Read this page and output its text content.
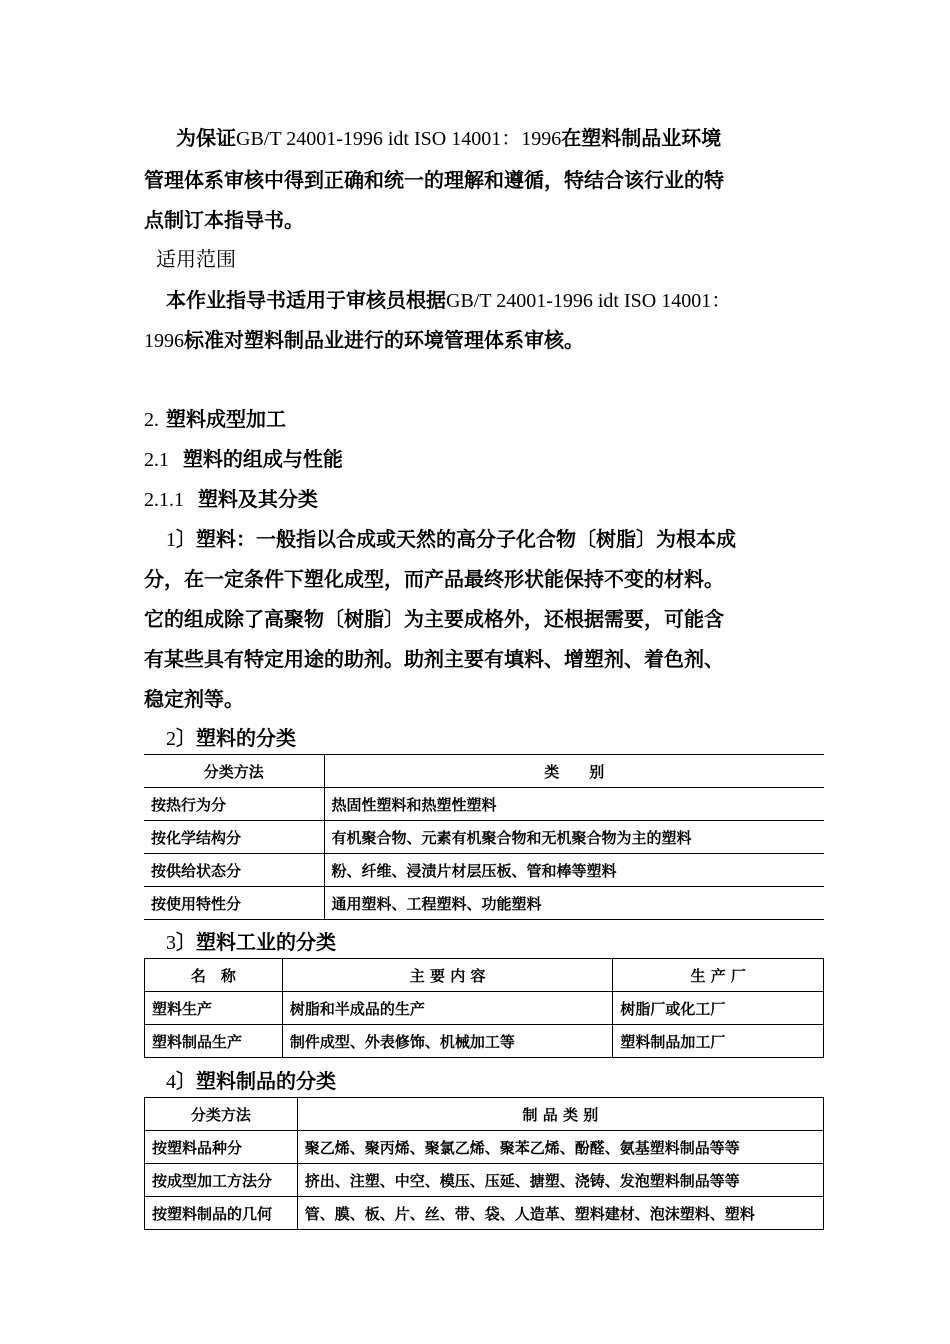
为保证GB/T 24001-1996 idt ISO 14001：1996在塑料制品业环境
管理体系审核中得到正确和统一的理解和遵循，特结合该行业的特
点制订本指导书。
适用范围
本作业指导书适用于审核员根据GB/T 24001-1996 idt ISO 14001：
1996标准对塑料制品业进行的环境管理体系审核。
2. 塑料成型加工
2.1 塑料的组成与性能
2.1.1 塑料及其分类
1〕塑料：一般指以合成或天然的高分子化合物〔树脂〕为根本成
分，在一定条件下塑化成型，而产品最终形状能保持不变的材料。
它的组成除了高聚物〔树脂〕为主要成格外，还根据需要，可能含
有某些具有特定用途的助剂。助剂主要有填料、增塑剂、着色剂、
稳定剂等。
2〕塑料的分类
分类方法	类　　别
按热行为分	热固性塑料和热塑性塑料
按化学结构分	有机聚合物、元素有机聚合物和无机聚合物为主的塑料
按供给状态分	粉、纤维、浸渍片材层压板、管和棒等塑料
按使用特性分	通用塑料、工程塑料、功能塑料
3〕塑料工业的分类
名　称	主 要 内 容	生 产 厂
塑料生产	树脂和半成品的生产	树脂厂或化工厂
塑料制品生产	制件成型、外表修饰、机械加工等	塑料制品加工厂
4〕塑料制品的分类
分类方法	制 品 类 别
按塑料品种分	聚乙烯、聚丙烯、聚氯乙烯、聚苯乙烯、酚醛、氨基塑料制品等等
按成型加工方法分	挤出、注塑、中空、模压、压延、搪塑、浇铸、发泡塑料制品等等
按塑料制品的几何	管、膜、板、片、丝、带、袋、人造革、塑料建材、泡沫塑料、塑料
